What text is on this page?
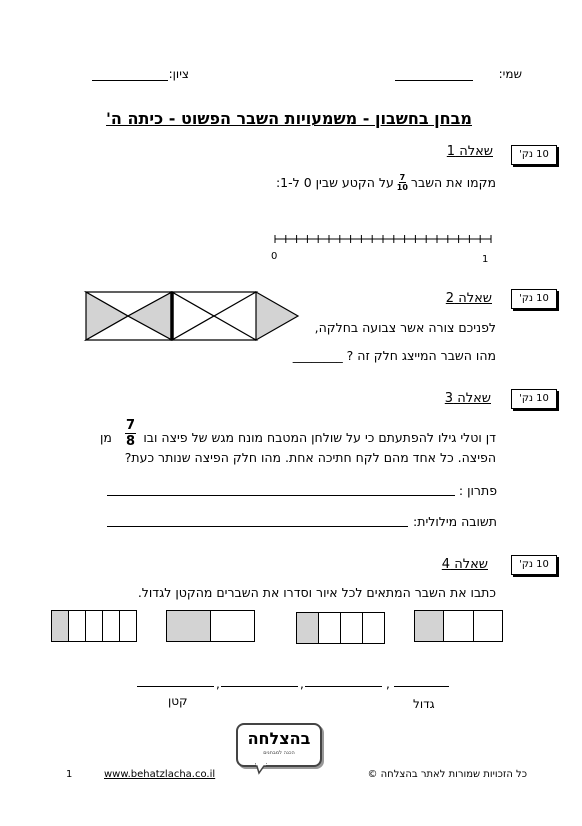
שמי:
ציון:
מבחן בחשבון - משמעויות השבר הפשוט - כיתה ה'
10 נק'
שאלה 1
מקמו את השבר
$\frac{7}{10}$
על הקטע שבין 0 ל-1:
0	1
10 נק'
שאלה 2
לפניכם צורה אשר צבועה בחלקה,
מהו השבר המייצג חלק זה ? ________
10 נק'
שאלה 3
דן וטלי גילו להפתעתם כי על שולחן המטבח מונח מגש של פיצה ובו
$\frac{7}{8}$
מן
הפיצה. כל אחד מהם לקח חתיכה אחת. מהו חלק הפיצה שנותר כעת?
פתרון :
תשובה מילולית:
10 נק'
שאלה 4
כתבו את השבר המתאים לכל איור וסדרו את השברים מהקטן לגדול.
,	,	,
קטן	גדול
בהצלחה
הכנה למבחנים
כל הזכויות שמורות לאתר בהצלחה ©
www.behatzlacha.co.il
1
